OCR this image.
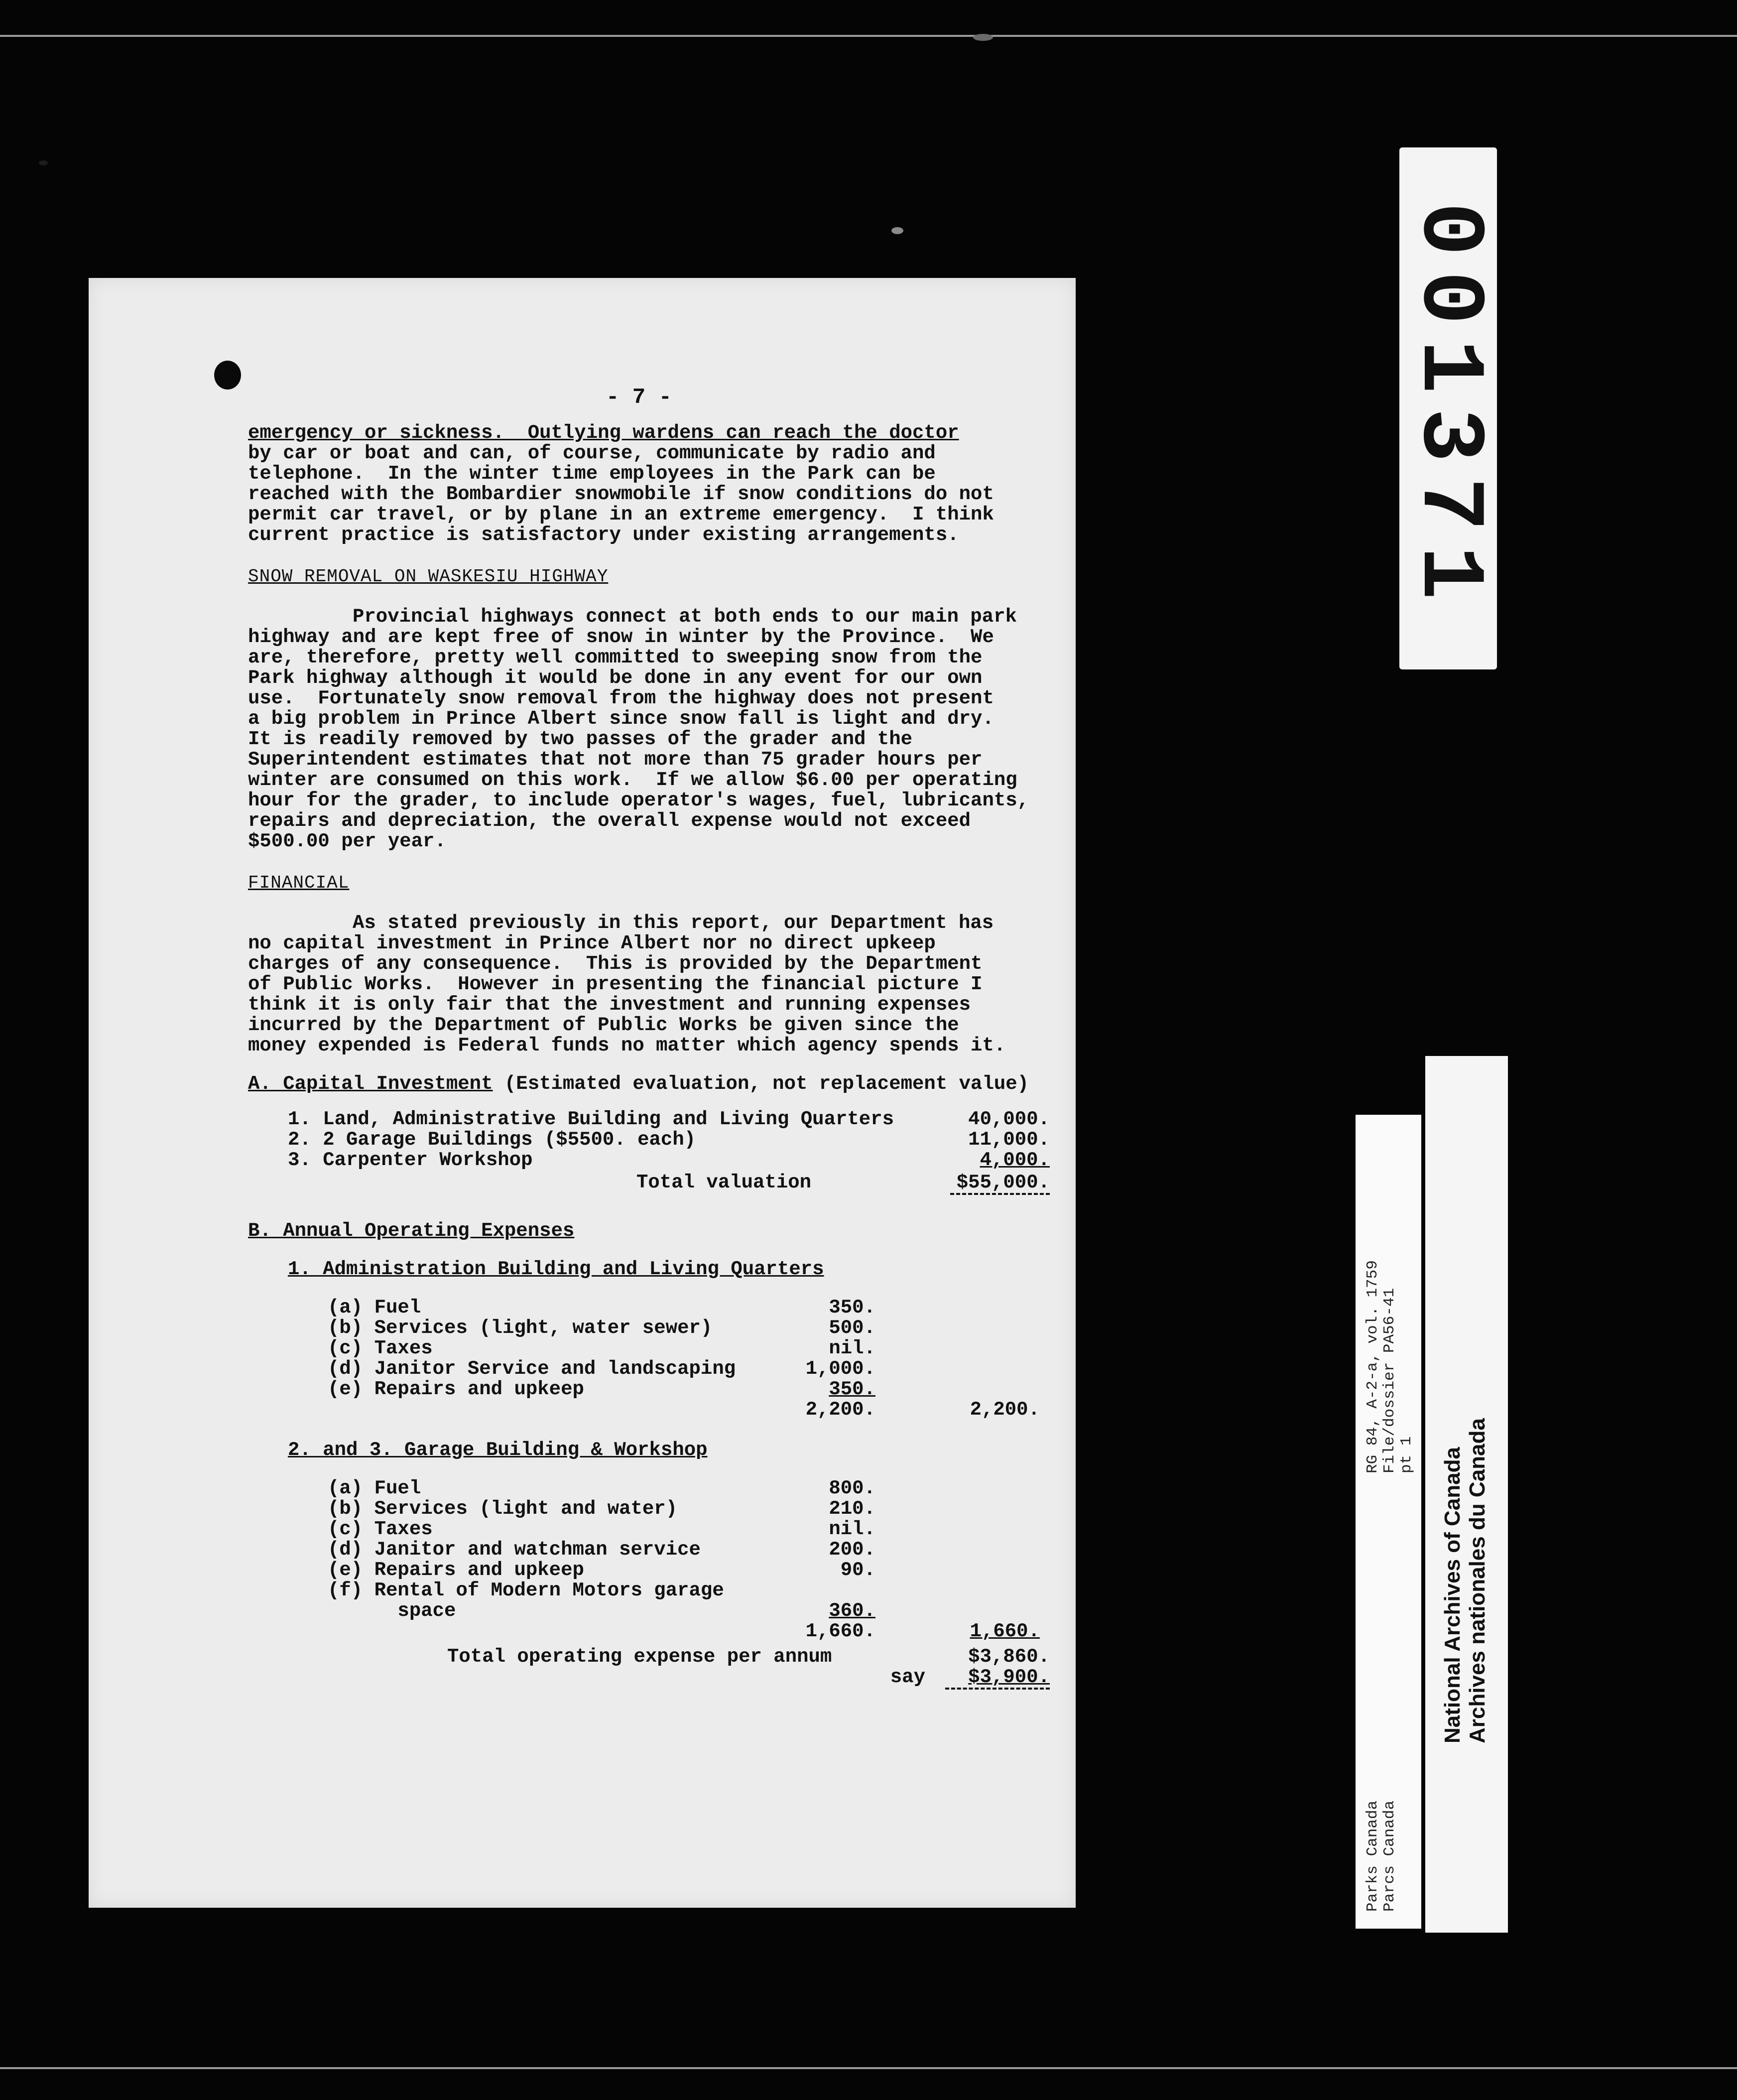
- 7 -

emergency or sickness.  Outlying wardens can reach the doctor

by car or boat and can, of course, communicate by radio and

telephone.  In the winter time employees in the Park can be

reached with the Bombardier snowmobile if snow conditions do not

permit car travel, or by plane in an extreme emergency.  I think

current practice is satisfactory under existing arrangements.

SNOW REMOVAL ON WASKESIU HIGHWAY

Provincial highways connect at both ends to our main park

highway and are kept free of snow in winter by the Province.  We

are, therefore, pretty well committed to sweeping snow from the

Park highway although it would be done in any event for our own

use.  Fortunately snow removal from the highway does not present

a big problem in Prince Albert since snow fall is light and dry.

It is readily removed by two passes of the grader and the

Superintendent estimates that not more than 75 grader hours per

winter are consumed on this work.  If we allow $6.00 per operating

hour for the grader, to include operator's wages, fuel, lubricants,

repairs and depreciation, the overall expense would not exceed

$500.00 per year.

FINANCIAL

As stated previously in this report, our Department has

no capital investment in Prince Albert nor no direct upkeep

charges of any consequence.  This is provided by the Department

of Public Works.  However in presenting the financial picture I

think it is only fair that the investment and running expenses

incurred by the Department of Public Works be given since the

money expended is Federal funds no matter which agency spends it.

A. Capital Investment (Estimated evaluation, not replacement value)
1. Land, Administrative Building and Living Quarters	40,000.
2. 2 Garage Buildings ($5500. each)	11,000.
3. Carpenter Workshop	4,000.
Total valuation	$55,000.
B. Annual Operating Expenses
1. Administration Building and Living Quarters
(a) Fuel	350.
(b) Services (light, water sewer)	500.
(c) Taxes	nil.
(d) Janitor Service and landscaping	1,000.
(e) Repairs and upkeep	350.
2,200.	2,200.
2. and 3. Garage Building & Workshop
(a) Fuel	800.
(b) Services (light and water)	210.
(c) Taxes	nil.
(d) Janitor and watchman service	200.
(e) Repairs and upkeep	90.
(f) Rental of Modern Motors garage
space	360.
1,660.	1,660.
Total operating expense per annum	$3,860.
say	$3,900.
001371
RG 84, A-2-a, vol. 1759 File/dossier PA56-41 pt 1
Parks Canada Parcs Canada
National Archives of Canada Archives nationales du Canada
